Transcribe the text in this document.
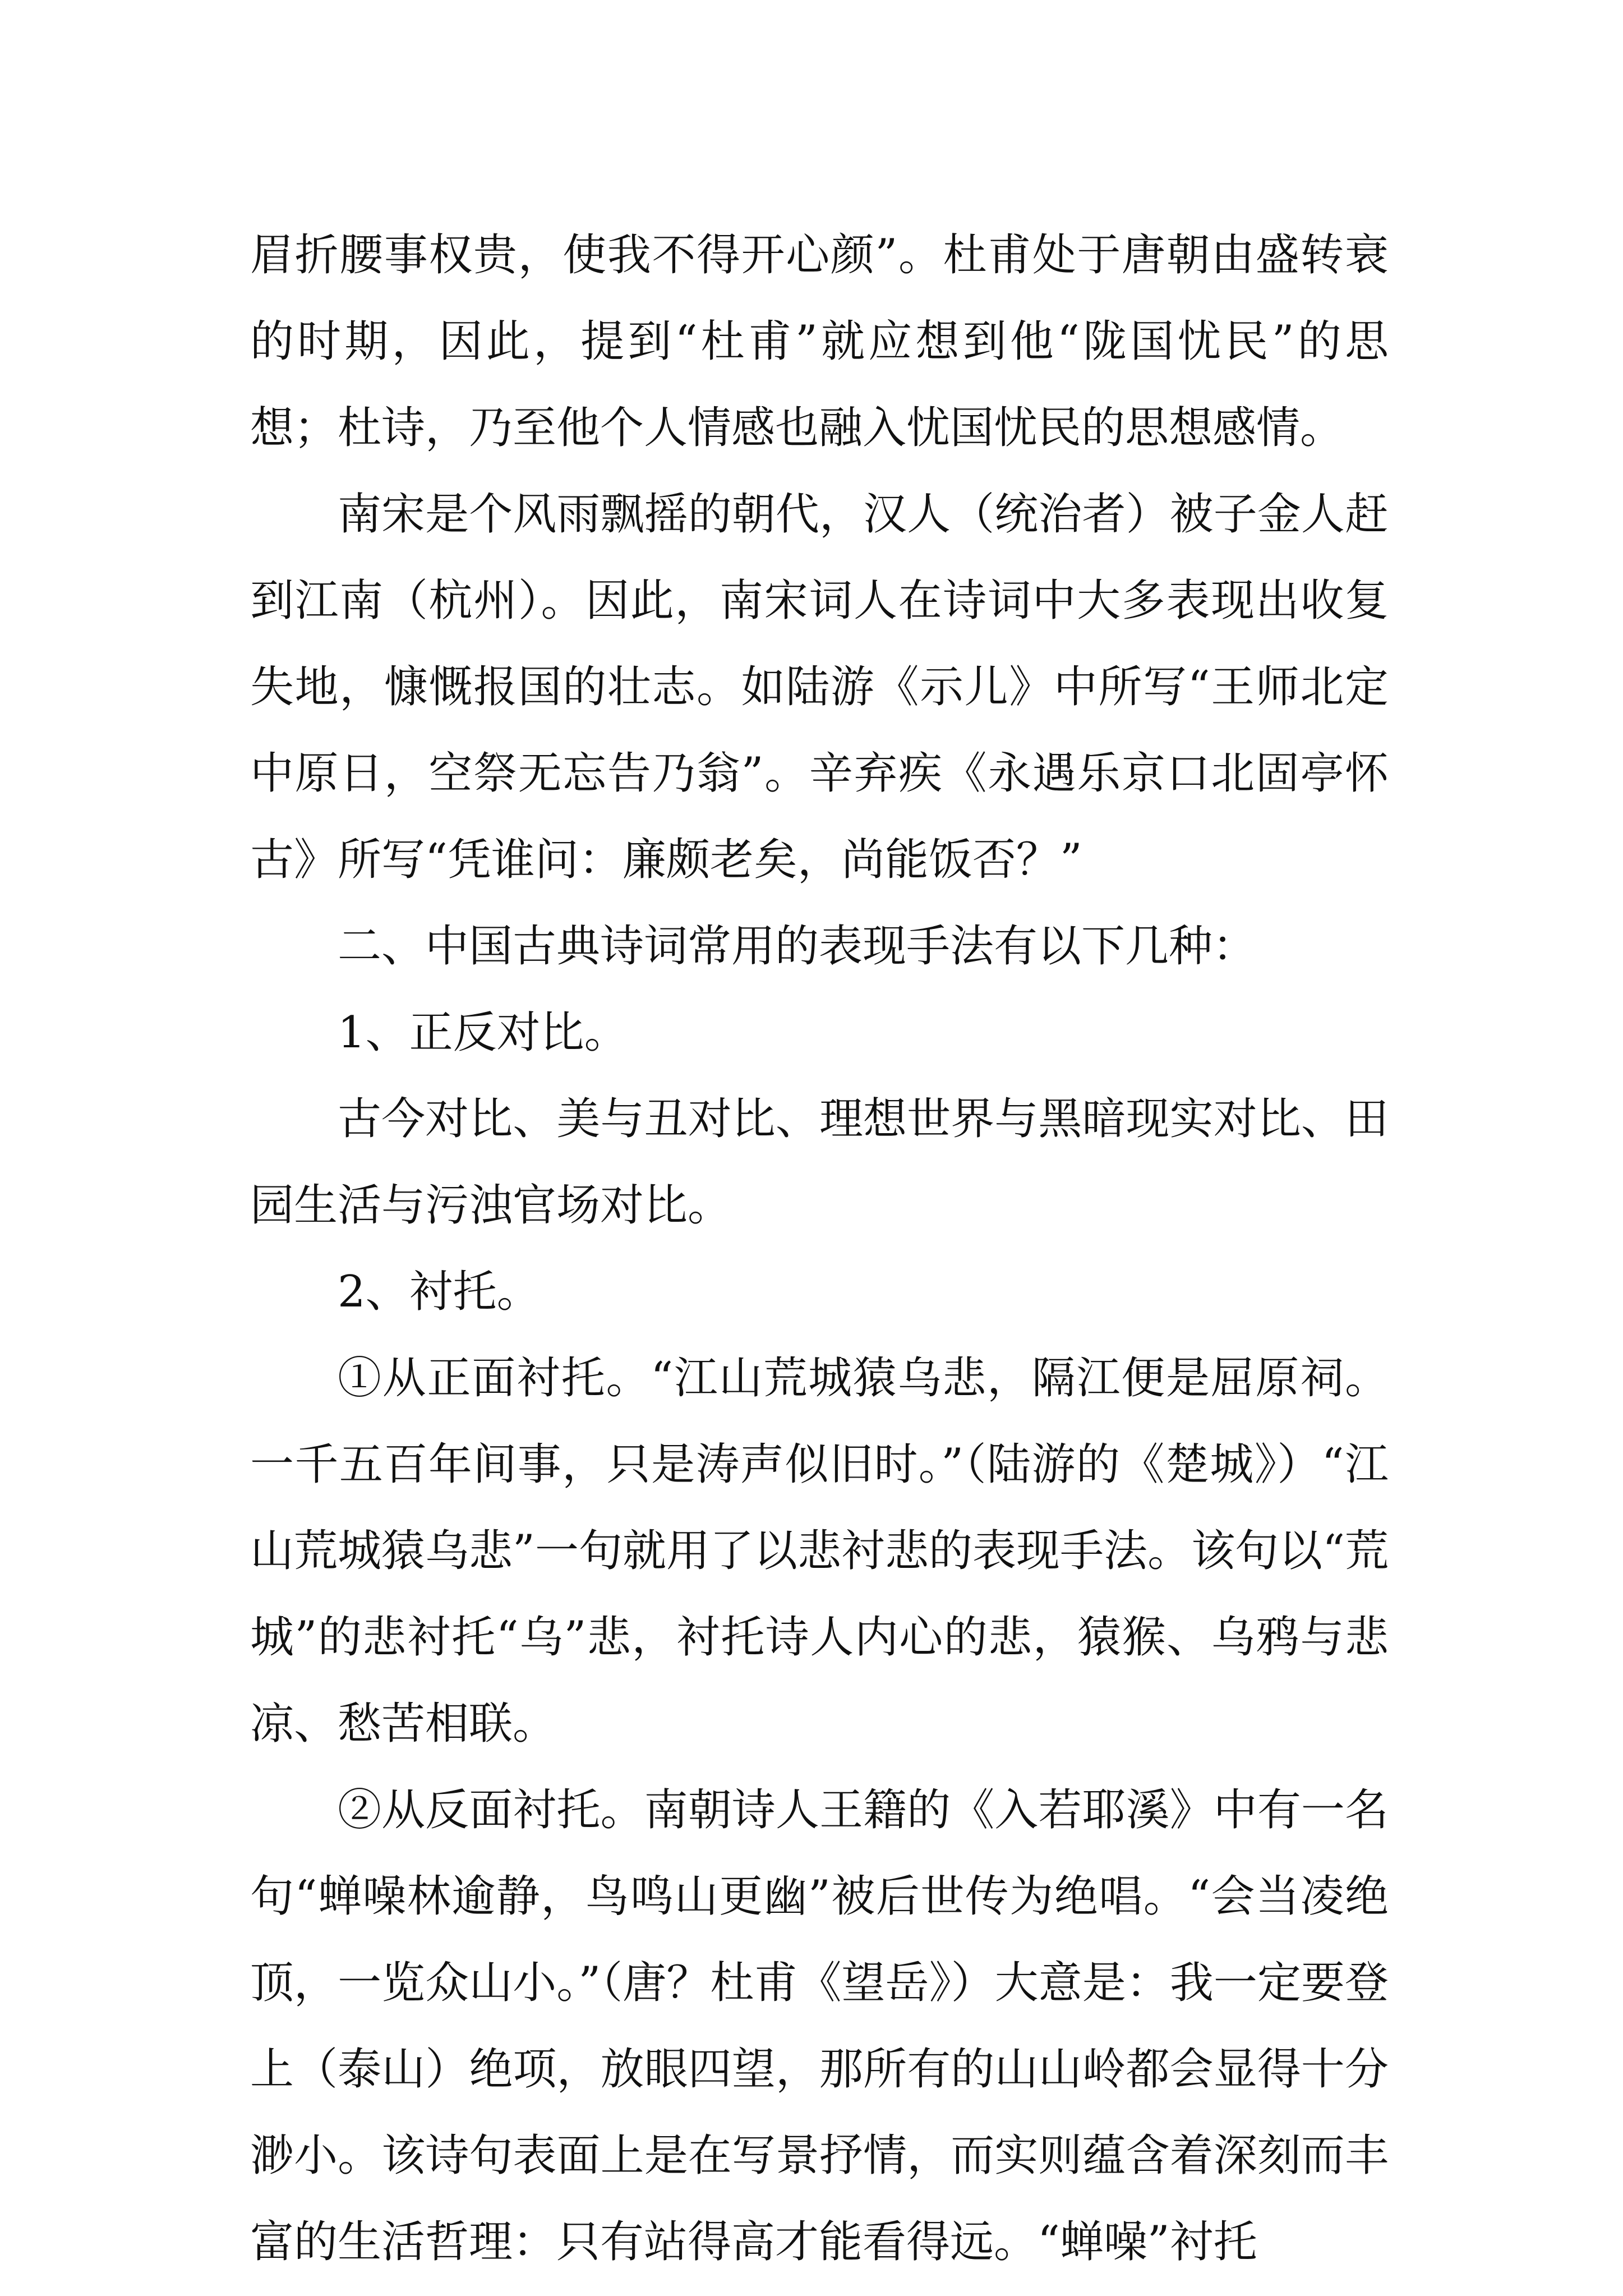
眉折腰事权贵，使我不得开心颜”。杜甫处于唐朝由盛转衰的时期，因此，提到“杜甫”就应想到他“陇国忧民”的思想；杜诗，乃至他个人情感也融入忧国忧民的思想感情。

南宋是个风雨飘摇的朝代，汉人（统治者）被子金人赶到江南（杭州）。因此，南宋词人在诗词中大多表现出收复失地，慷慨报国的壮志。如陆游《示儿》中所写“王师北定中原日，空祭无忘告乃翁”。辛弃疾《永遇乐京口北固亭怀古》所写“凭谁问：廉颇老矣，尚能饭否？”

二、中国古典诗词常用的表现手法有以下几种：

1、正反对比。

古今对比、美与丑对比、理想世界与黑暗现实对比、田园生活与污浊官场对比。

2、衬托。

①从正面衬托。“江山荒城猿乌悲，隔江便是屈原祠。一千五百年间事，只是涛声似旧时。”（陆游的《楚城》）“江山荒城猿乌悲”一句就用了以悲衬悲的表现手法。该句以“荒城”的悲衬托“乌”悲，衬托诗人内心的悲，猿猴、乌鸦与悲凉、愁苦相联。

②从反面衬托。南朝诗人王籍的《入若耶溪》中有一名句“蝉噪林逾静，鸟鸣山更幽”被后世传为绝唱。“会当凌绝顶，一览众山小。”（唐？杜甫《望岳》）大意是：我一定要登上（泰山）绝项，放眼四望，那所有的山山岭都会显得十分渺小。该诗句表面上是在写景抒情，而实则蕴含着深刻而丰富的生活哲理：只有站得高才能看得远。“蝉噪”衬托
